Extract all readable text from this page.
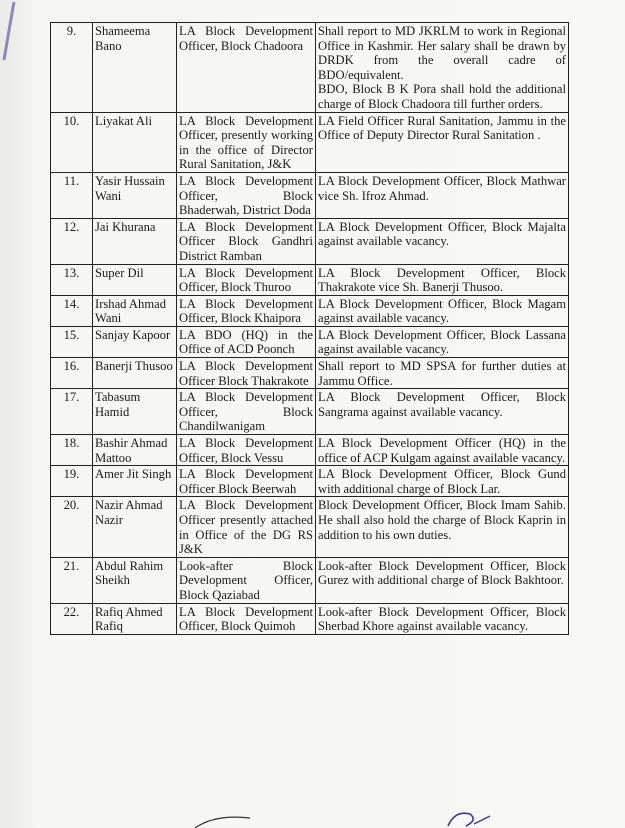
9.	Shameema Bano	LA Block Development Officer, Block Chadoora	Shall report to MD JKRLM to work in Regional Office in Kashmir. Her salary shall be drawn by DRDK from the overall cadre of BDO/equivalent.
BDO, Block B K Pora shall hold the additional charge of Block Chadoora till further orders.

10.	Liyakat Ali	LA Block Development Officer, presently working in the office of Director Rural Sanitation, J&K	LA Field Officer Rural Sanitation, Jammu in the Office of Deputy Director Rural Sanitation .

11.	Yasir Hussain Wani	LA Block Development Officer, Block Bhaderwah, District Doda	LA Block Development Officer, Block Mathwar vice Sh. Ifroz Ahmad.

12.	Jai Khurana	LA Block Development Officer Block Gandhri District Ramban	LA Block Development Officer, Block Majalta against available vacancy.

13.	Super Dil	LA Block Development Officer, Block Thuroo	LA Block Development Officer, Block Thakrakote vice Sh. Banerji Thusoo.

14.	Irshad Ahmad Wani	LA Block Development Officer, Block Khaipora	LA Block Development Officer, Block Magam against available vacancy.

15.	Sanjay Kapoor	LA BDO (HQ) in the Office of ACD Poonch	LA Block Development Officer, Block Lassana against available vacancy.

16.	Banerji Thusoo	LA Block Development Officer Block Thakrakote	Shall report to MD SPSA for further duties at Jammu Office.

17.	Tabasum Hamid	LA Block Development Officer, Block Chandilwanigam	LA Block Development Officer, Block Sangrama against available vacancy.

18.	Bashir Ahmad Mattoo	LA Block Development Officer, Block Vessu	LA Block Development Officer (HQ) in the office of ACP Kulgam against available vacancy.

19.	Amer Jit Singh	LA Block Development Officer Block Beerwah	LA Block Development Officer, Block Gund with additional charge of Block Lar.

20.	Nazir Ahmad Nazir	LA Block Development Officer presently attached in Office of the DG RS J&K	Block Development Officer, Block Imam Sahib. He shall also hold the charge of Block Kaprin in addition to his own duties.

21.	Abdul Rahim Sheikh	Look-after Block Development Officer, Block Qaziabad	Look-after Block Development Officer, Block Gurez with additional charge of Block Bakhtoor.

22.	Rafiq Ahmed Rafiq	LA Block Development Officer, Block Quimoh	Look-after Block Development Officer, Block Sherbad Khore against available vacancy.
